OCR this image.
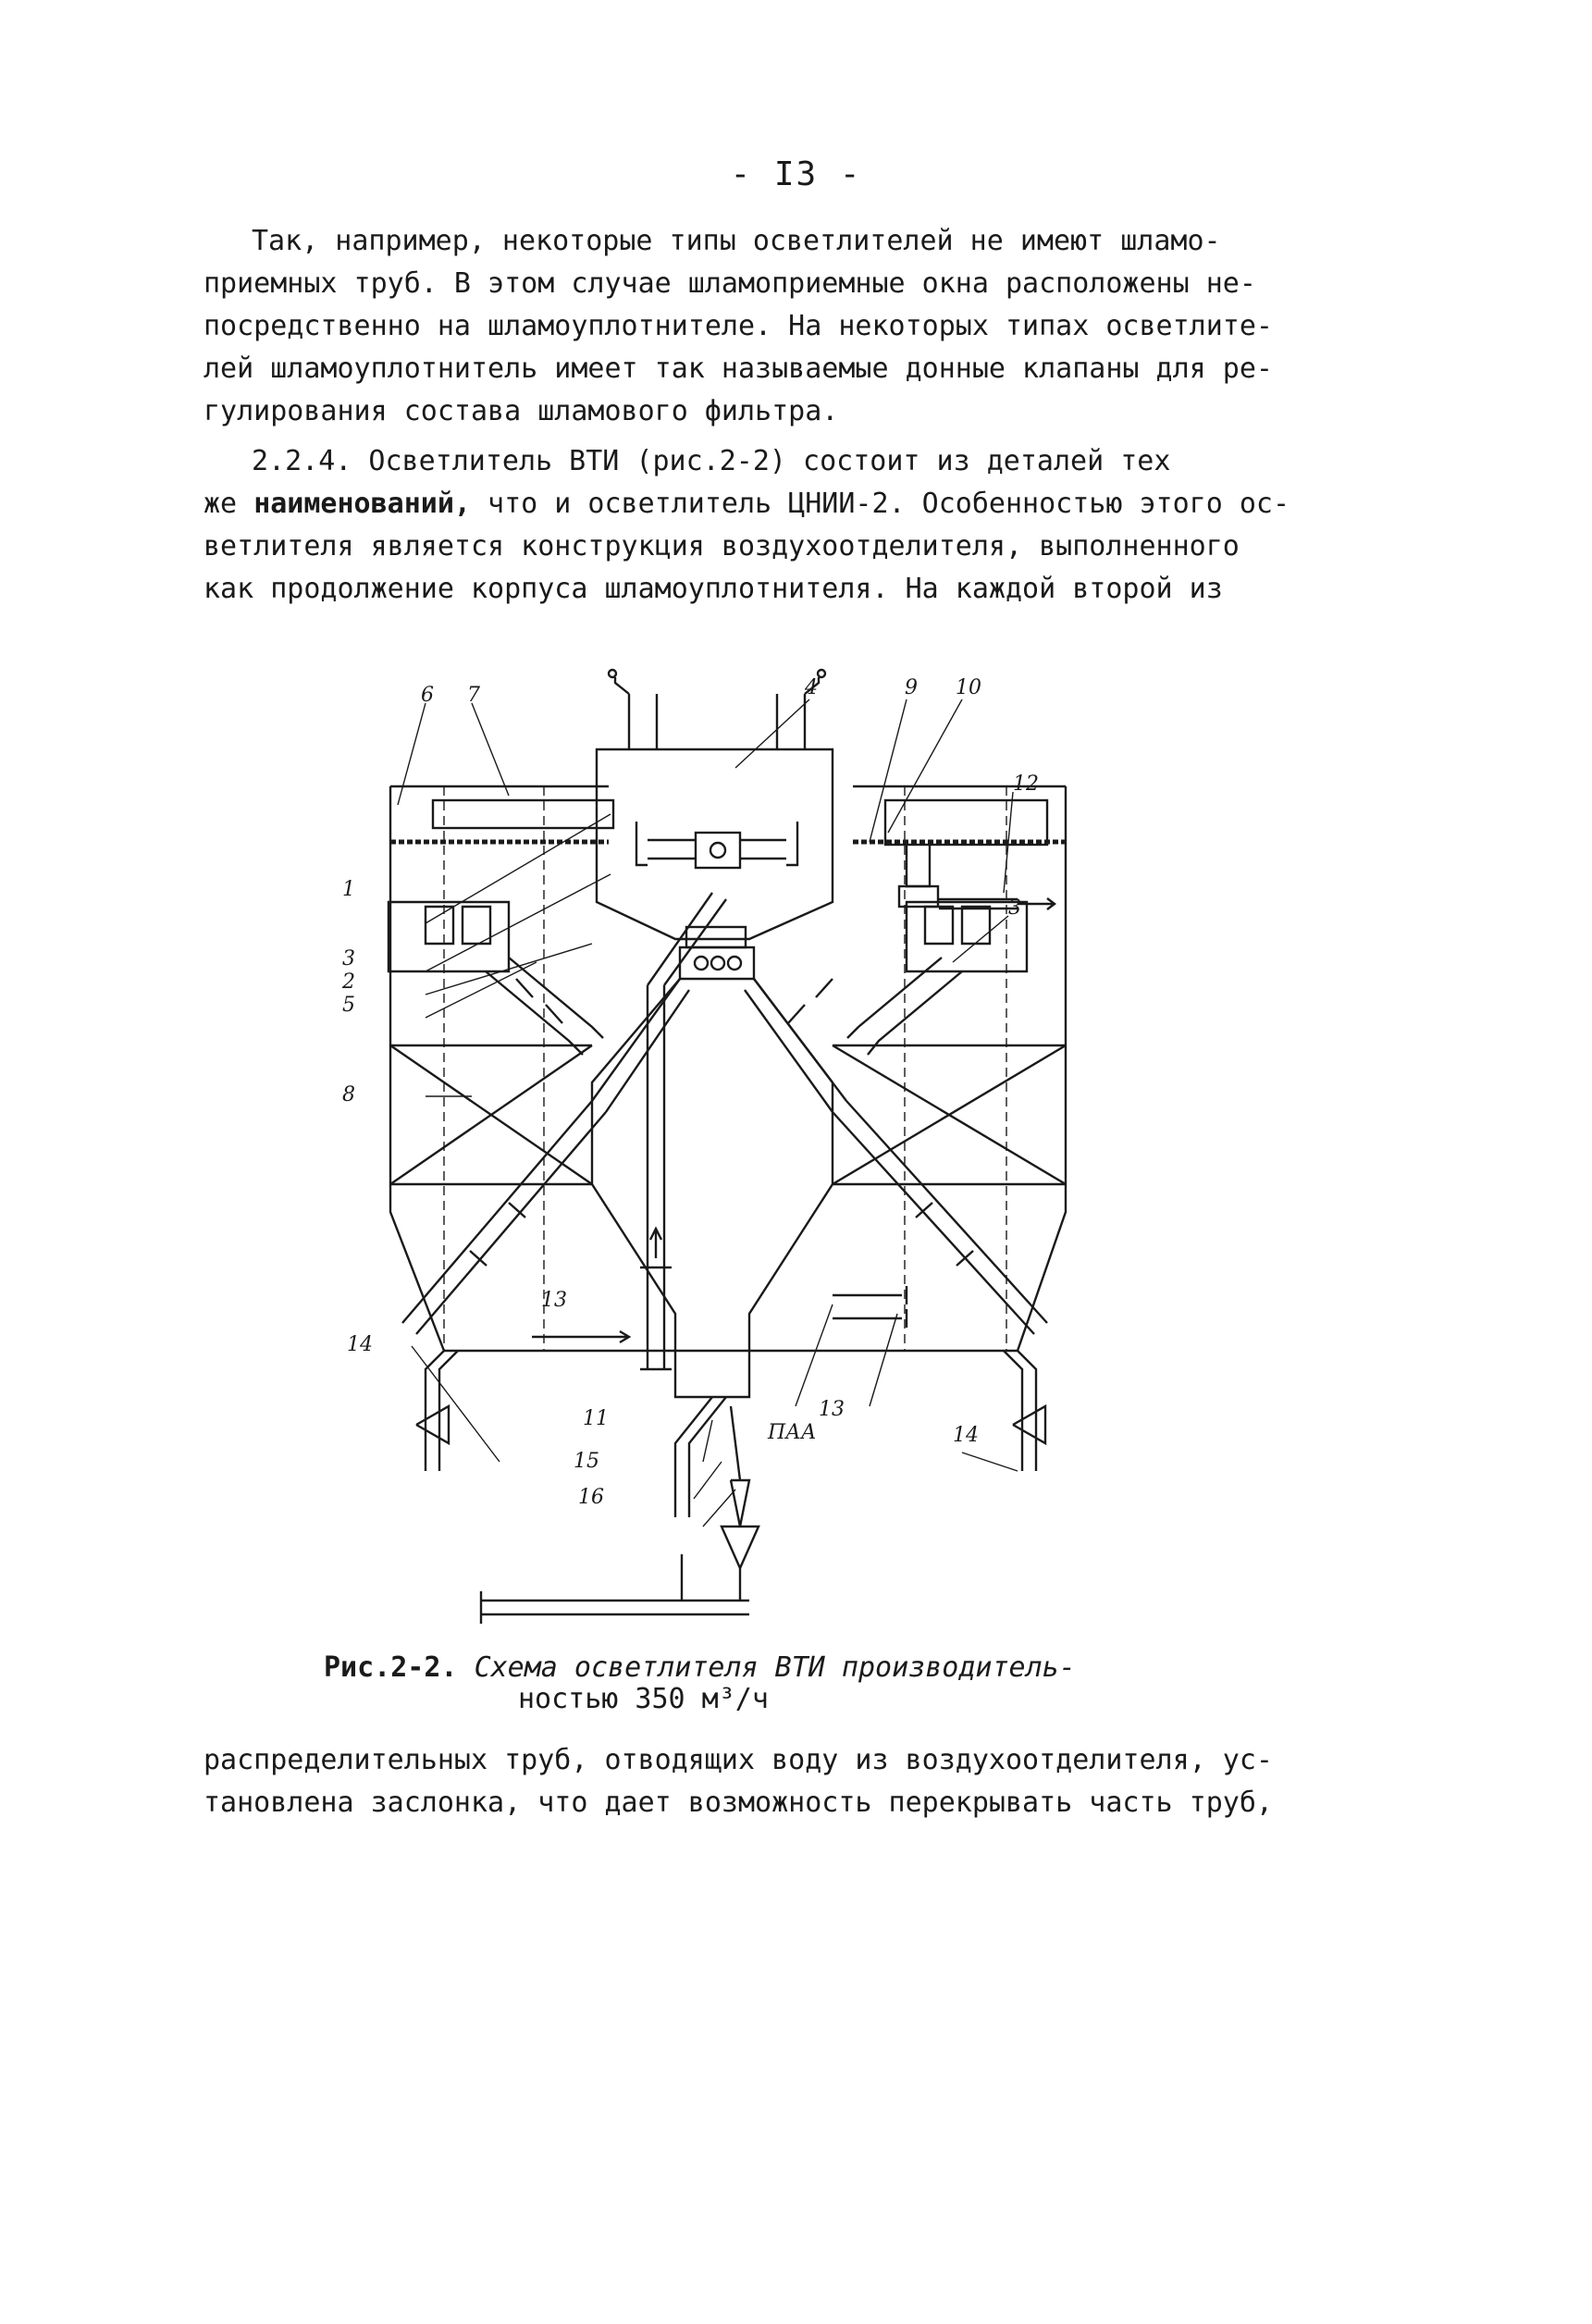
- I3 -
Так, например, некоторые типы осветлителей не имеют шламо-
приемных труб. В этом случае шламоприемные окна расположены не-
посредственно на шламоуплотнителе. На некоторых типах осветлите-
лей шламоуплотнитель имеет так называемые донные клапаны для ре-
гулирования состава шламового фильтра.
2.2.4. Осветлитель ВТИ (рис.2-2) состоит из деталей тех
же наименований, что и осветлитель ЦНИИ-2. Особенностью этого ос-
ветлителя является конструкция воздухоотделителя, выполненного
как продолжение корпуса шламоуплотнителя. На каждой второй из
6 7	4	9 10
12
1
3
2
5
3
8
13
14
14
13
ПАА
11
15
16
Рис.2-2. Схема осветлителя ВТИ производитель-
ностью 350 м³/ч
распределительных труб, отводящих воду из воздухоотделителя, ус-
тановлена заслонка, что дает возможность перекрывать часть труб,
